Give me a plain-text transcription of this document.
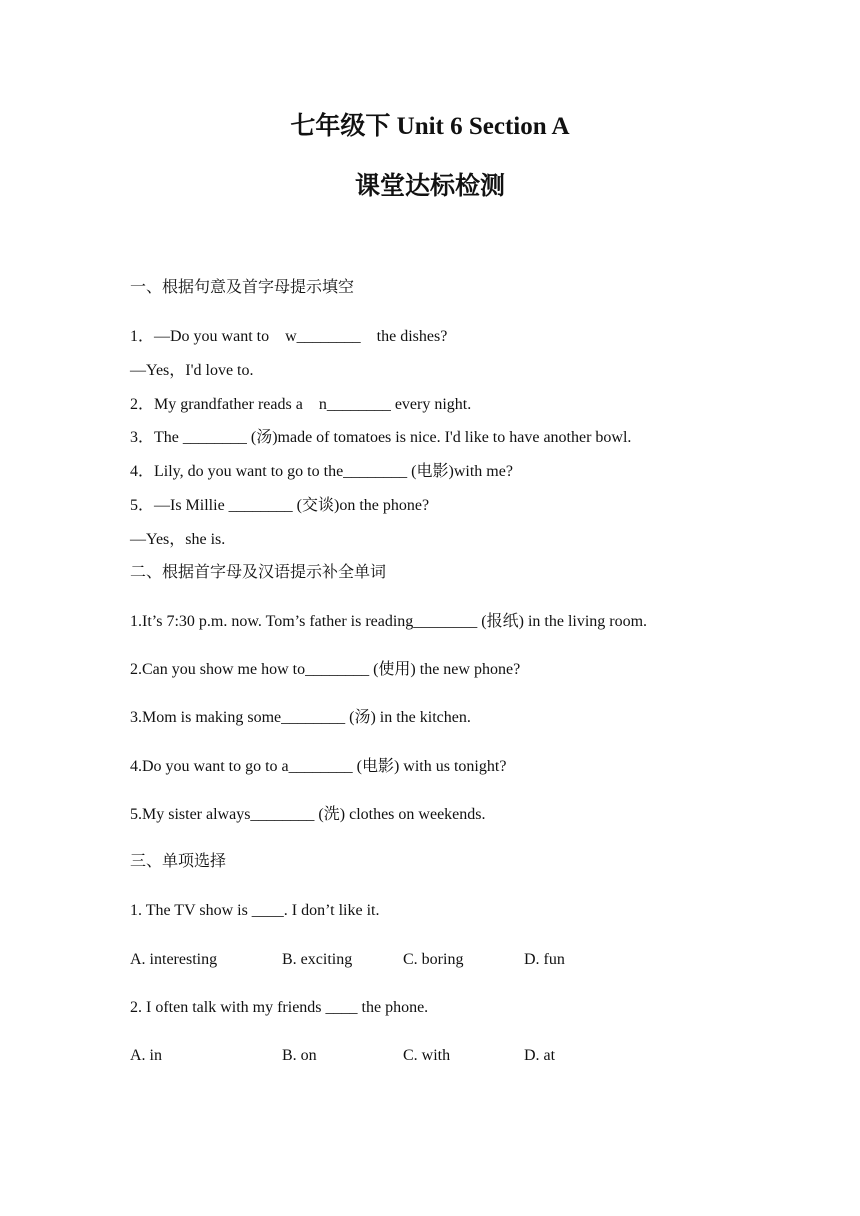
七年级下 Unit 6 Section A
课堂达标检测
一、根据句意及首字母提示填空
1．—Do you want to    w________    the dishes?
—Yes，I'd love to.
2．My grandfather reads a    n________ every night.
3．The ________ (汤)made of tomatoes is nice. I'd like to have another bowl.
4．Lily, do you want to go to the________ (电影)with me?
5．—Is Millie ________ (交谈)on the phone?
—Yes，she is.
二、根据首字母及汉语提示补全单词
1.It’s 7:30 p.m. now. Tom’s father is reading________ (报纸) in the living room.
2.Can you show me how to________ (使用) the new phone?
3.Mom is making some________ (汤) in the kitchen.
4.Do you want to go to a________ (电影) with us tonight?
5.My sister always________ (洗) clothes on weekends.
三、单项选择
1. The TV show is ____. I don’t like it.
A. interesting	B. exciting	C. boring	D. fun
2. I often talk with my friends ____ the phone.
A. in	B. on	C. with	D. at
